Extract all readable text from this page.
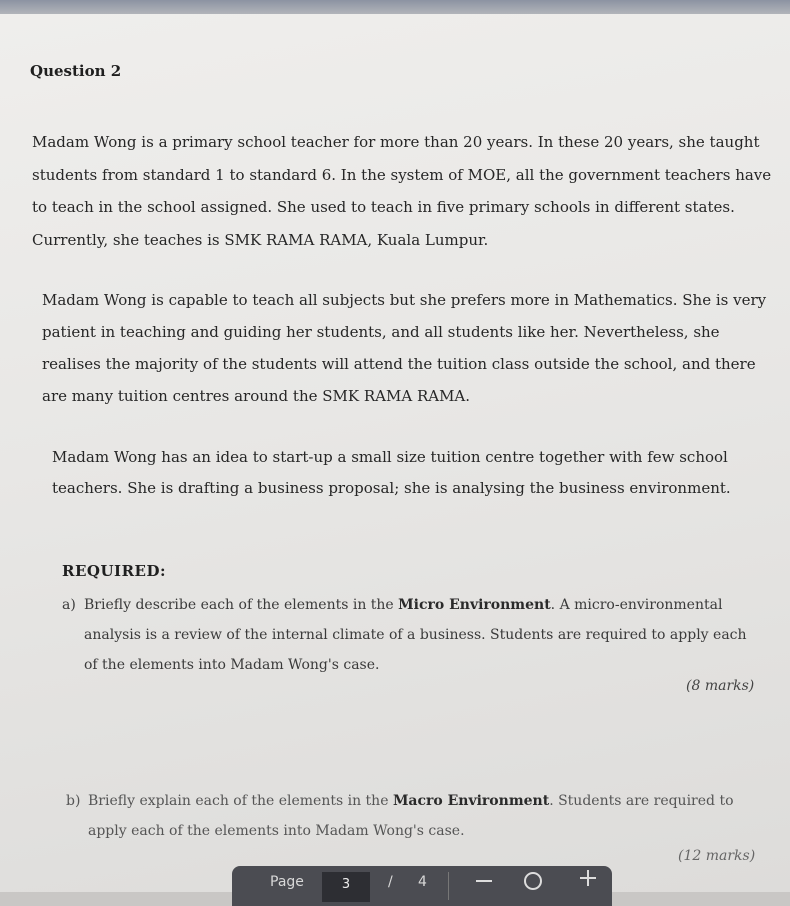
Question 2

Madam Wong is a primary school teacher for more than 20 years. In these 20 years, she taught students from standard 1 to standard 6. In the system of MOE, all the government teachers have to teach in the school assigned. She used to teach in five primary schools in different states. Currently, she teaches is SMK RAMA RAMA, Kuala Lumpur.

Madam Wong is capable to teach all subjects but she prefers more in Mathematics. She is very patient in teaching and guiding her students, and all students like her. Nevertheless, she realises the majority of the students will attend the tuition class outside the school, and there are many tuition centres around the SMK RAMA RAMA.

Madam Wong has an idea to start-up a small size tuition centre together with few school teachers. She is drafting a business proposal; she is analysing the business environment.

REQUIRED:
a) Briefly describe each of the elements in the Micro Environment. A micro-environmental analysis is a review of the internal climate of a business. Students are required to apply each of the elements into Madam Wong's case.
(8 marks)
b) Briefly explain each of the elements in the Macro Environment. Students are required to apply each of the elements into Madam Wong's case.
(12 marks)
Page	3	/ 4
